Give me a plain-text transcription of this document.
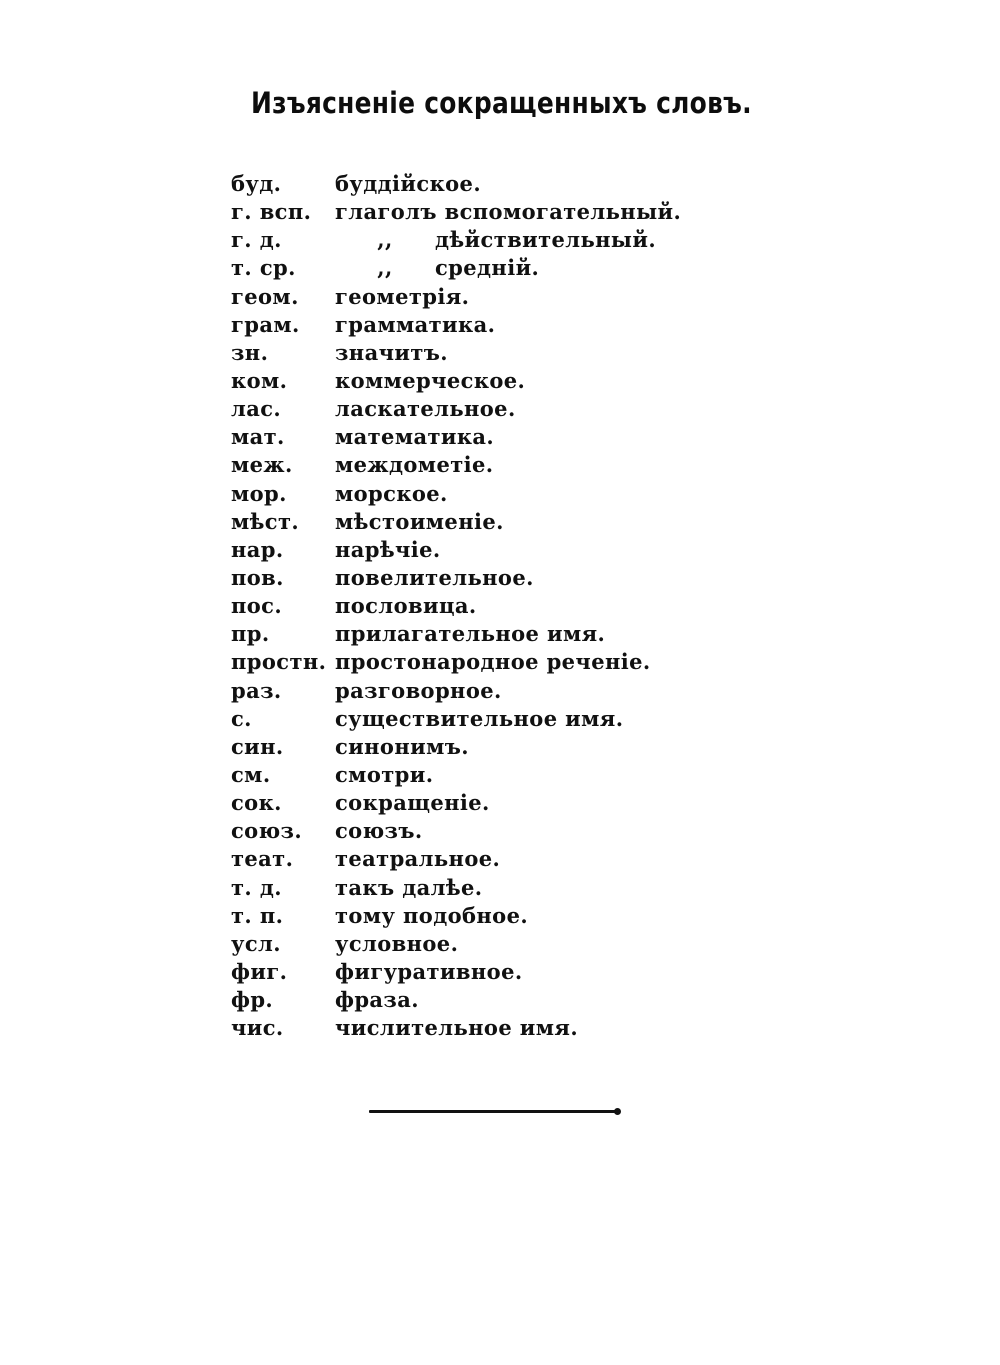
Изъясненіе сокращенныхъ словъ.
буд.	буддійское.
г. всп. глаголъ вспомогательный.
г. д.	,, дѣйствительный.
т. ср.	,, средній.
геом. геометрія.
грам. грамматика.
зн.	значитъ.
ком. коммерческое.
лас.	ласкательное.
мат. математика.
меж. междометіе.
мор. морское.
мѣст. мѣстоименіе.
нар. нарѣчіе.
пов. повелительное.
пос.	пословица.
пр.	прилагательное имя.
простн. простонародное реченіе.
раз.	разговорное.
с.	существительное имя.
син. синонимъ.
см.	смотри.
сок.	сокращеніе.
союз. союзъ.
теат. театральное.
т. д.	такъ далѣе.
т. п. тому подобное.
усл.	условное.
фиг. фигуративное.
фр.	фраза.
чис. числительное имя.
